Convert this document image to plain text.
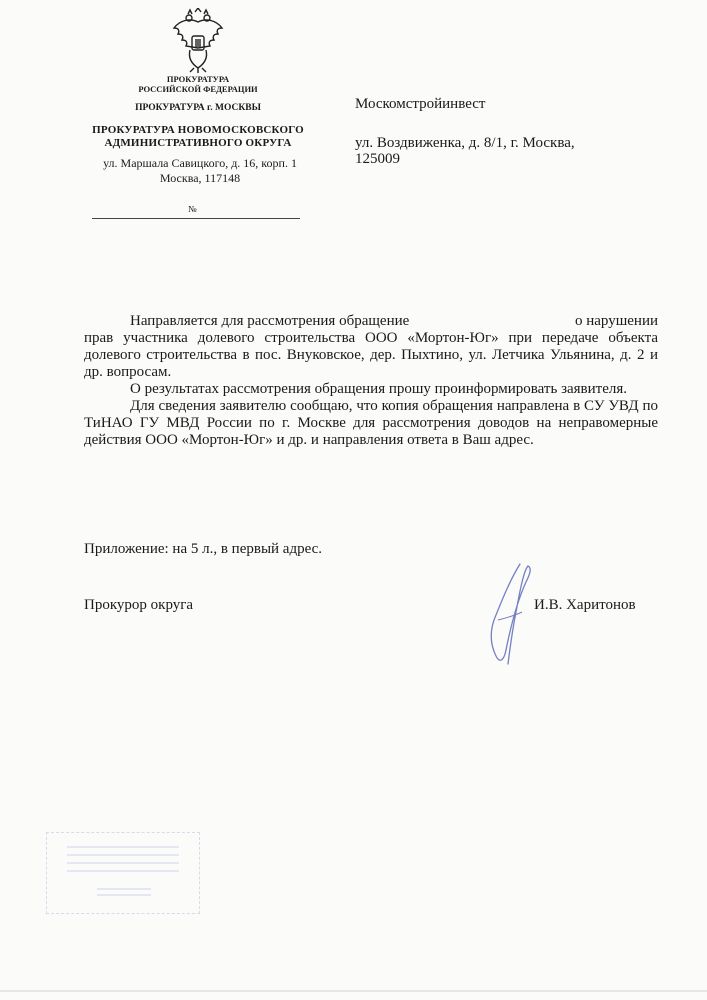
ПРОКУРАТУРА
РОССИЙСКОЙ ФЕДЕРАЦИИ
ПРОКУРАТУРА г. МОСКВЫ
ПРОКУРАТУРА НОВОМОСКОВСКОГО
АДМИНИСТРАТИВНОГО ОКРУГА
ул. Маршала Савицкого, д. 16, корп. 1
Москва, 117148
№
Москомстройинвест
ул. Воздвиженка, д. 8/1, г. Москва,
125009
Направляется для рассмотрения обращение	о нарушении

прав участника долевого строительства ООО «Мортон-Юг» при передаче объекта долевого строительства в пос. Внуковское, дер. Пыхтино, ул. Летчика Ульянина, д. 2 и др. вопросам.

О результатах рассмотрения обращения прошу проинформировать заявителя.

Для сведения заявителю сообщаю, что копия обращения направлена в СУ УВД по ТиНАО ГУ МВД России по г. Москве для рассмотрения доводов на неправомерные действия ООО «Мортон-Юг» и др. и направления ответа в Ваш адрес.

Приложение: на 5 л., в первый адрес.
Прокурор округа	И.В. Харитонов
